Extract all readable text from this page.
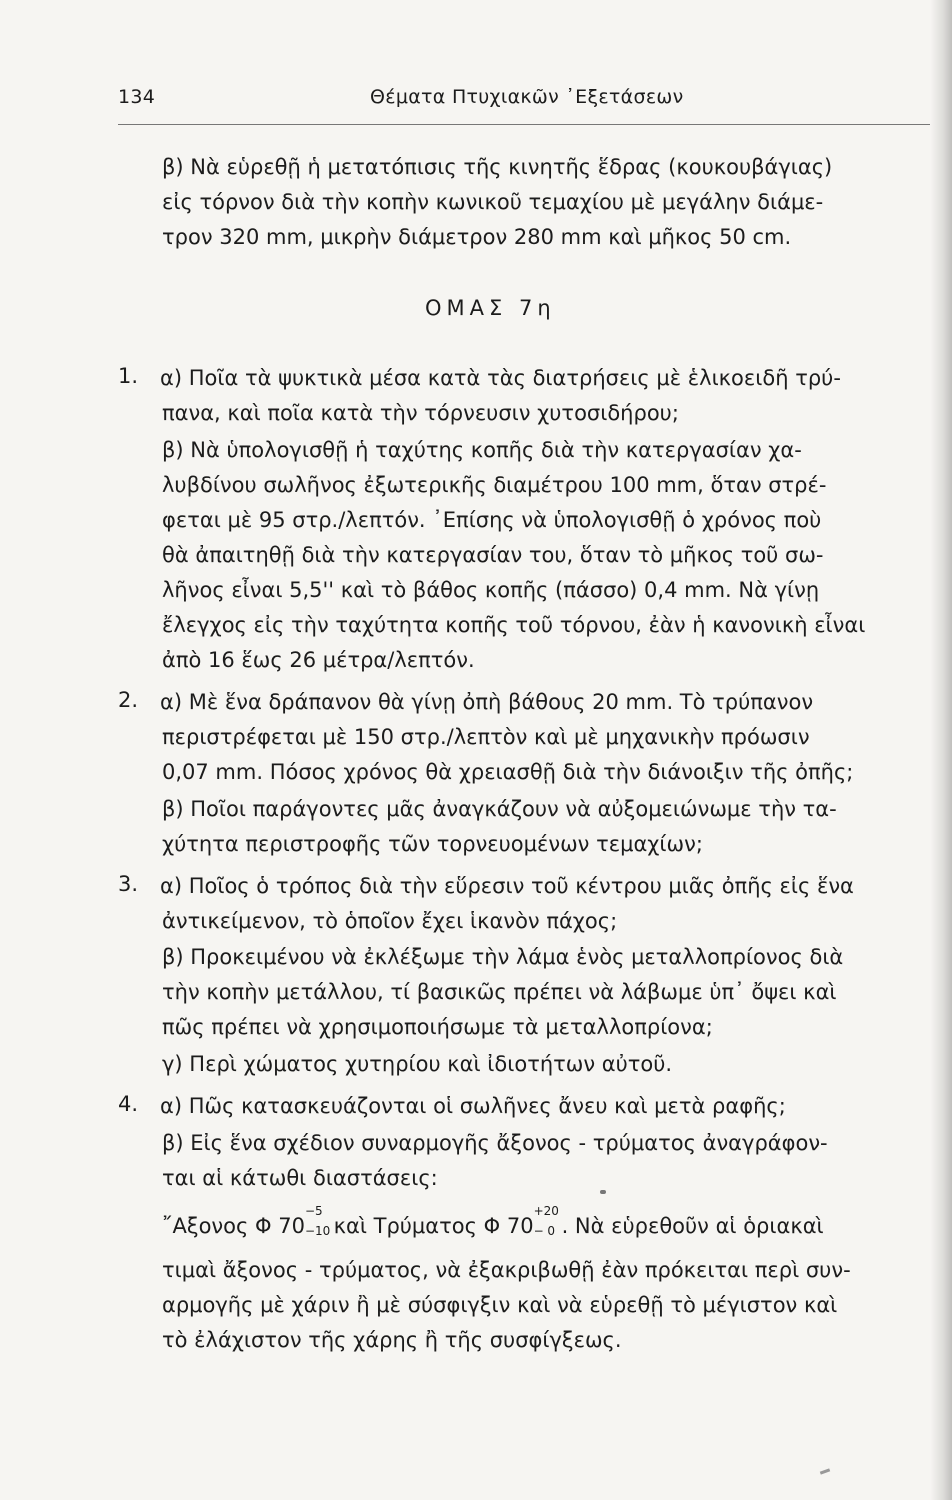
134	Θέματα Πτυχιακῶν ᾿Εξετάσεων
β) Νὰ εὑρεθῇ ἡ μετατόπισις τῆς κινητῆς ἕδρας (κουκουβάγιας)
εἰς τόρνον διὰ τὴν κοπὴν κωνικοῦ τεμαχίου μὲ μεγάλην διάμε-
τρον 320 mm, μικρὴν διάμετρον 280 mm καὶ μῆκος 50 cm.
ΟΜΑΣ 7η
1. α) Ποῖα τὰ ψυκτικὰ μέσα κατὰ τὰς διατρήσεις μὲ ἑλικοειδῆ τρύ-
πανα, καὶ ποῖα κατὰ τὴν τόρνευσιν χυτοσιδήρου;
β) Νὰ ὑπολογισθῇ ἡ ταχύτης κοπῆς διὰ τὴν κατεργασίαν χα-
λυβδίνου σωλῆνος ἐξωτερικῆς διαμέτρου 100 mm, ὅταν στρέ-
φεται μὲ 95 στρ./λεπτόν. ᾿Επίσης νὰ ὑπολογισθῇ ὁ χρόνος ποὺ
θὰ ἀπαιτηθῇ διὰ τὴν κατεργασίαν του, ὅταν τὸ μῆκος τοῦ σω-
λῆνος εἶναι 5,5'' καὶ τὸ βάθος κοπῆς (πάσσο) 0,4 mm. Νὰ γίνῃ
ἔλεγχος εἰς τὴν ταχύτητα κοπῆς τοῦ τόρνου, ἐὰν ἡ κανονικὴ εἶναι
ἀπὸ 16 ἕως 26 μέτρα/λεπτόν.
2. α) Μὲ ἕνα δράπανον θὰ γίνῃ ὀπὴ βάθους 20 mm. Τὸ τρύπανον
περιστρέφεται μὲ 150 στρ./λεπτὸν καὶ μὲ μηχανικὴν πρόωσιν
0,07 mm. Πόσος χρόνος θὰ χρειασθῇ διὰ τὴν διάνοιξιν τῆς ὀπῆς;
β) Ποῖοι παράγοντες μᾶς ἀναγκάζουν νὰ αὐξομειώνωμε τὴν τα-
χύτητα περιστροφῆς τῶν τορνευομένων τεμαχίων;
3. α) Ποῖος ὁ τρόπος διὰ τὴν εὕρεσιν τοῦ κέντρου μιᾶς ὀπῆς εἰς ἕνα
ἀντικείμενον, τὸ ὁποῖον ἔχει ἱκανὸν πάχος;
β) Προκειμένου νὰ ἐκλέξωμε τὴν λάμα ἑνὸς μεταλλοπρίονος διὰ
τὴν κοπὴν μετάλλου, τί βασικῶς πρέπει νὰ λάβωμε ὑπ᾿ ὄψει καὶ
πῶς πρέπει νὰ χρησιμοποιήσωμε τὰ μεταλλοπρίονα;
γ) Περὶ χώματος χυτηρίου καὶ ἰδιοτήτων αὐτοῦ.
4. α) Πῶς κατασκευάζονται οἱ σωλῆνες ἄνευ καὶ μετὰ ραφῆς;
β) Εἰς ἕνα σχέδιον συναρμογῆς ἄξονος - τρύματος ἀναγράφον-
ται αἱ κάτωθι διαστάσεις:
῎Αξονος Φ 70
−5
−10 καὶ Τρύματος Φ 70
+20
− 0 . Νὰ εὑρεθοῦν αἱ ὁριακαὶ
τιμαὶ ἄξονος - τρύματος, νὰ ἐξακριβωθῇ ἐὰν πρόκειται περὶ συν-
αρμογῆς μὲ χάριν ἢ μὲ σύσφιγξιν καὶ νὰ εὑρεθῇ τὸ μέγιστον καὶ
τὸ ἐλάχιστον τῆς χάρης ἢ τῆς συσφίγξεως.
